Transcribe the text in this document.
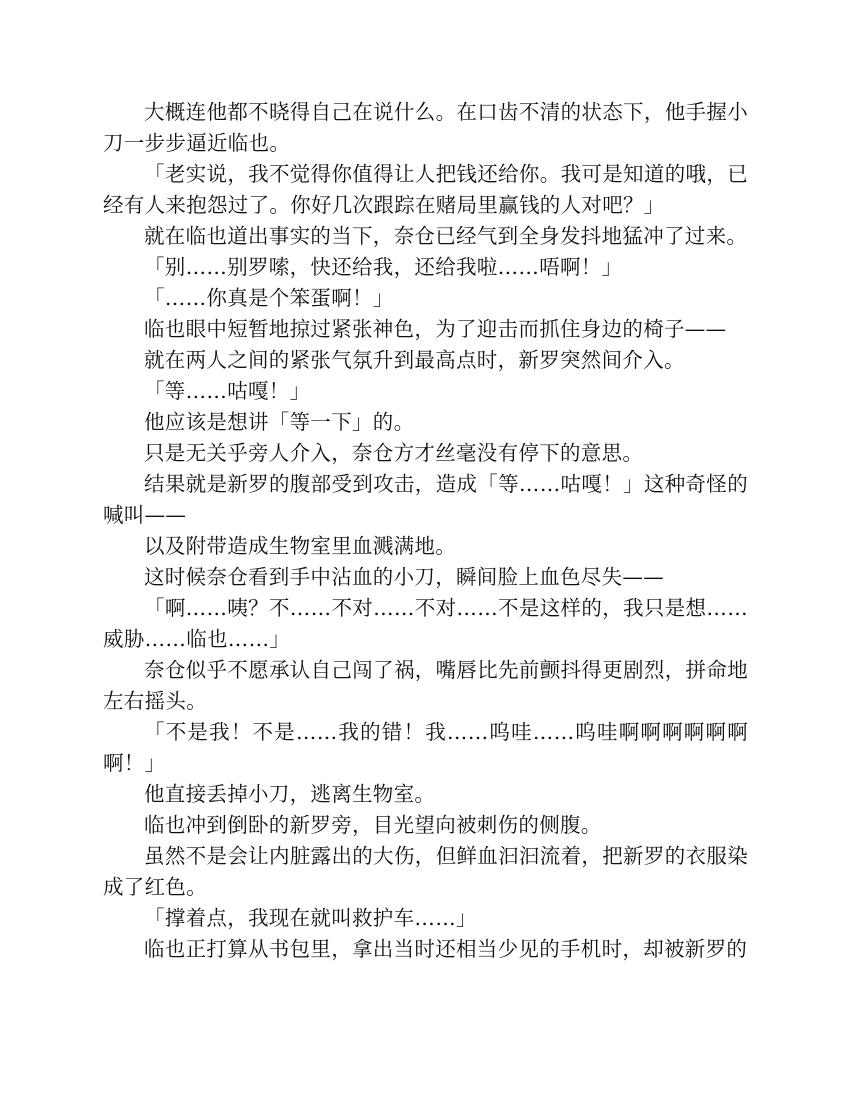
大概连他都不晓得自己在说什么。在口齿不清的状态下，他手握小刀一步步逼近临也。

「老实说，我不觉得你值得让人把钱还给你。我可是知道的哦，已经有人来抱怨过了。你好几次跟踪在赌局里赢钱的人对吧？」

就在临也道出事实的当下，奈仓已经气到全身发抖地猛冲了过来。

「别……别罗嗦，快还给我，还给我啦……唔啊！」

「……你真是个笨蛋啊！」

临也眼中短暂地掠过紧张神色，为了迎击而抓住身边的椅子——

就在两人之间的紧张气氛升到最高点时，新罗突然间介入。

「等……咕嘎！」

他应该是想讲「等一下」的。

只是无关乎旁人介入，奈仓方才丝毫没有停下的意思。

结果就是新罗的腹部受到攻击，造成「等……咕嘎！」这种奇怪的喊叫——

以及附带造成生物室里血溅满地。

这时候奈仓看到手中沾血的小刀，瞬间脸上血色尽失——

「啊……咦？不……不对……不对……不是这样的，我只是想……威胁……临也……」

奈仓似乎不愿承认自己闯了祸，嘴唇比先前颤抖得更剧烈，拼命地左右摇头。

「不是我！不是……我的错！我……呜哇……呜哇啊啊啊啊啊啊啊！」

他直接丢掉小刀，逃离生物室。

临也冲到倒卧的新罗旁，目光望向被刺伤的侧腹。

虽然不是会让内脏露出的大伤，但鲜血汩汩流着，把新罗的衣服染成了红色。

「撑着点，我现在就叫救护车……」

临也正打算从书包里，拿出当时还相当少见的手机时，却被新罗的
